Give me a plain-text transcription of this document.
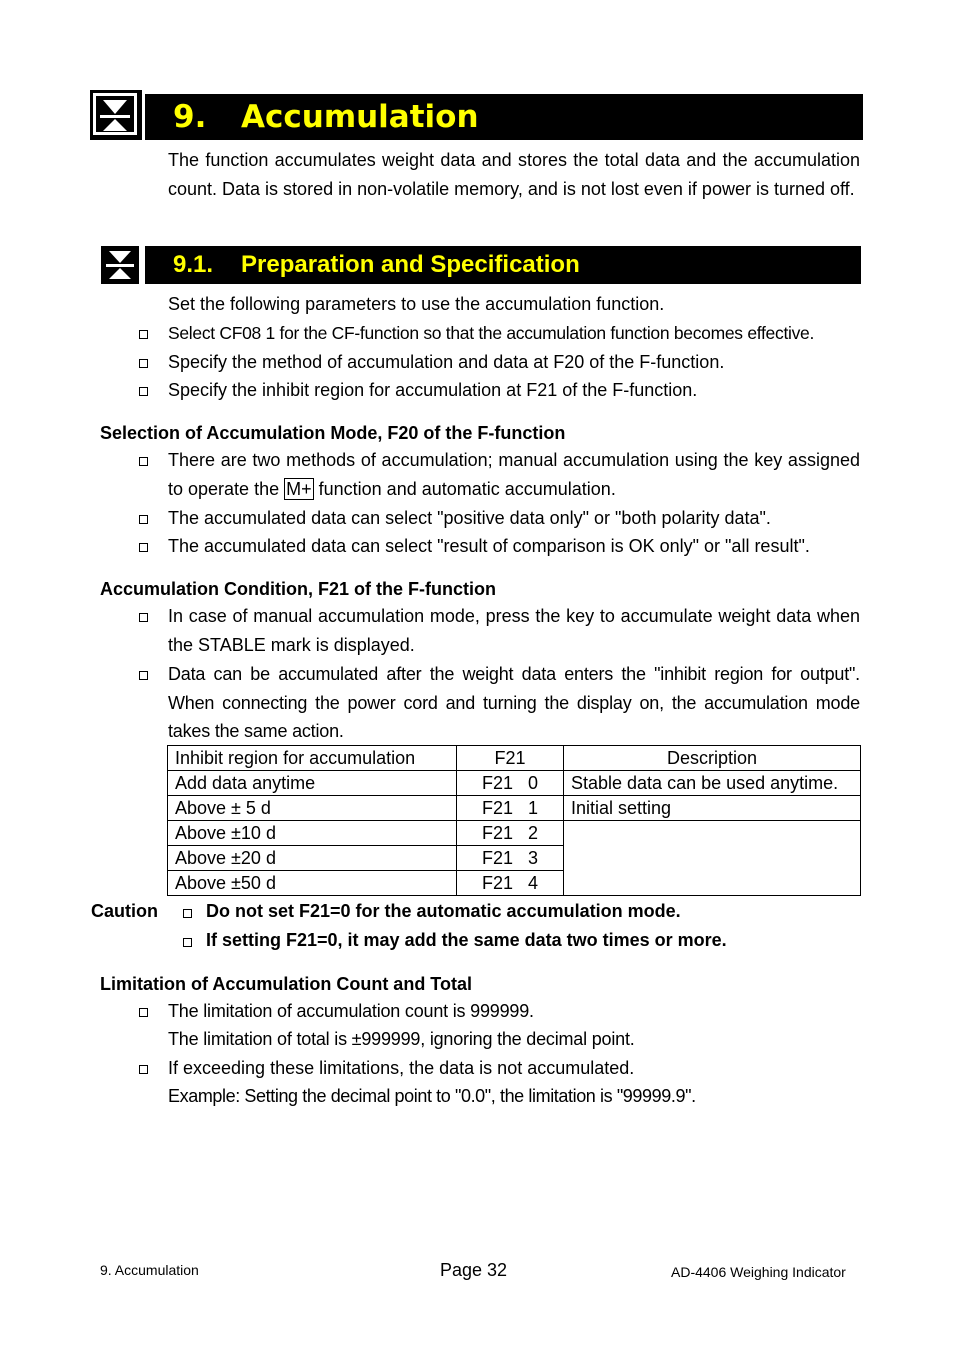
9. Accumulation
The function accumulates weight data and stores the total data and the accumulation count. Data is stored in non-volatile memory, and is not lost even if power is turned off.
9.1. Preparation and Specification
Set the following parameters to use the accumulation function.
Select CF08 1 for the CF-function so that the accumulation function becomes effective.
Specify the method of accumulation and data at F20 of the F-function.
Specify the inhibit region for accumulation at F21 of the F-function.
Selection of Accumulation Mode, F20 of the F-function
There are two methods of accumulation; manual accumulation using the key assigned to operate the M+ function and automatic accumulation.
The accumulated data can select "positive data only" or "both polarity data".
The accumulated data can select "result of comparison is OK only" or "all result".
Accumulation Condition, F21 of the F-function
In case of manual accumulation mode, press the key to accumulate weight data when the STABLE mark is displayed.
Data can be accumulated after the weight data enters the "inhibit region for output". When connecting the power cord and turning the display on, the accumulation mode takes the same action.
Inhibit region for accumulation	F21	Description
Add data anytime	F21 0	Stable data can be used anytime.
Above ± 5 d	F21 1	Initial setting
Above ±10 d	F21 2	
Above ±20 d	F21 3	
Above ±50 d	F21 4	
Caution	Do not set F21=0 for the automatic accumulation mode.
If setting F21=0, it may add the same data two times or more.
Limitation of Accumulation Count and Total
The limitation of accumulation count is 999999.
The limitation of total is ±999999, ignoring the decimal point.
If exceeding these limitations, the data is not accumulated.
Example: Setting the decimal point to "0.0", the limitation is "99999.9".
9. Accumulation	Page 32	AD-4406 Weighing Indicator
